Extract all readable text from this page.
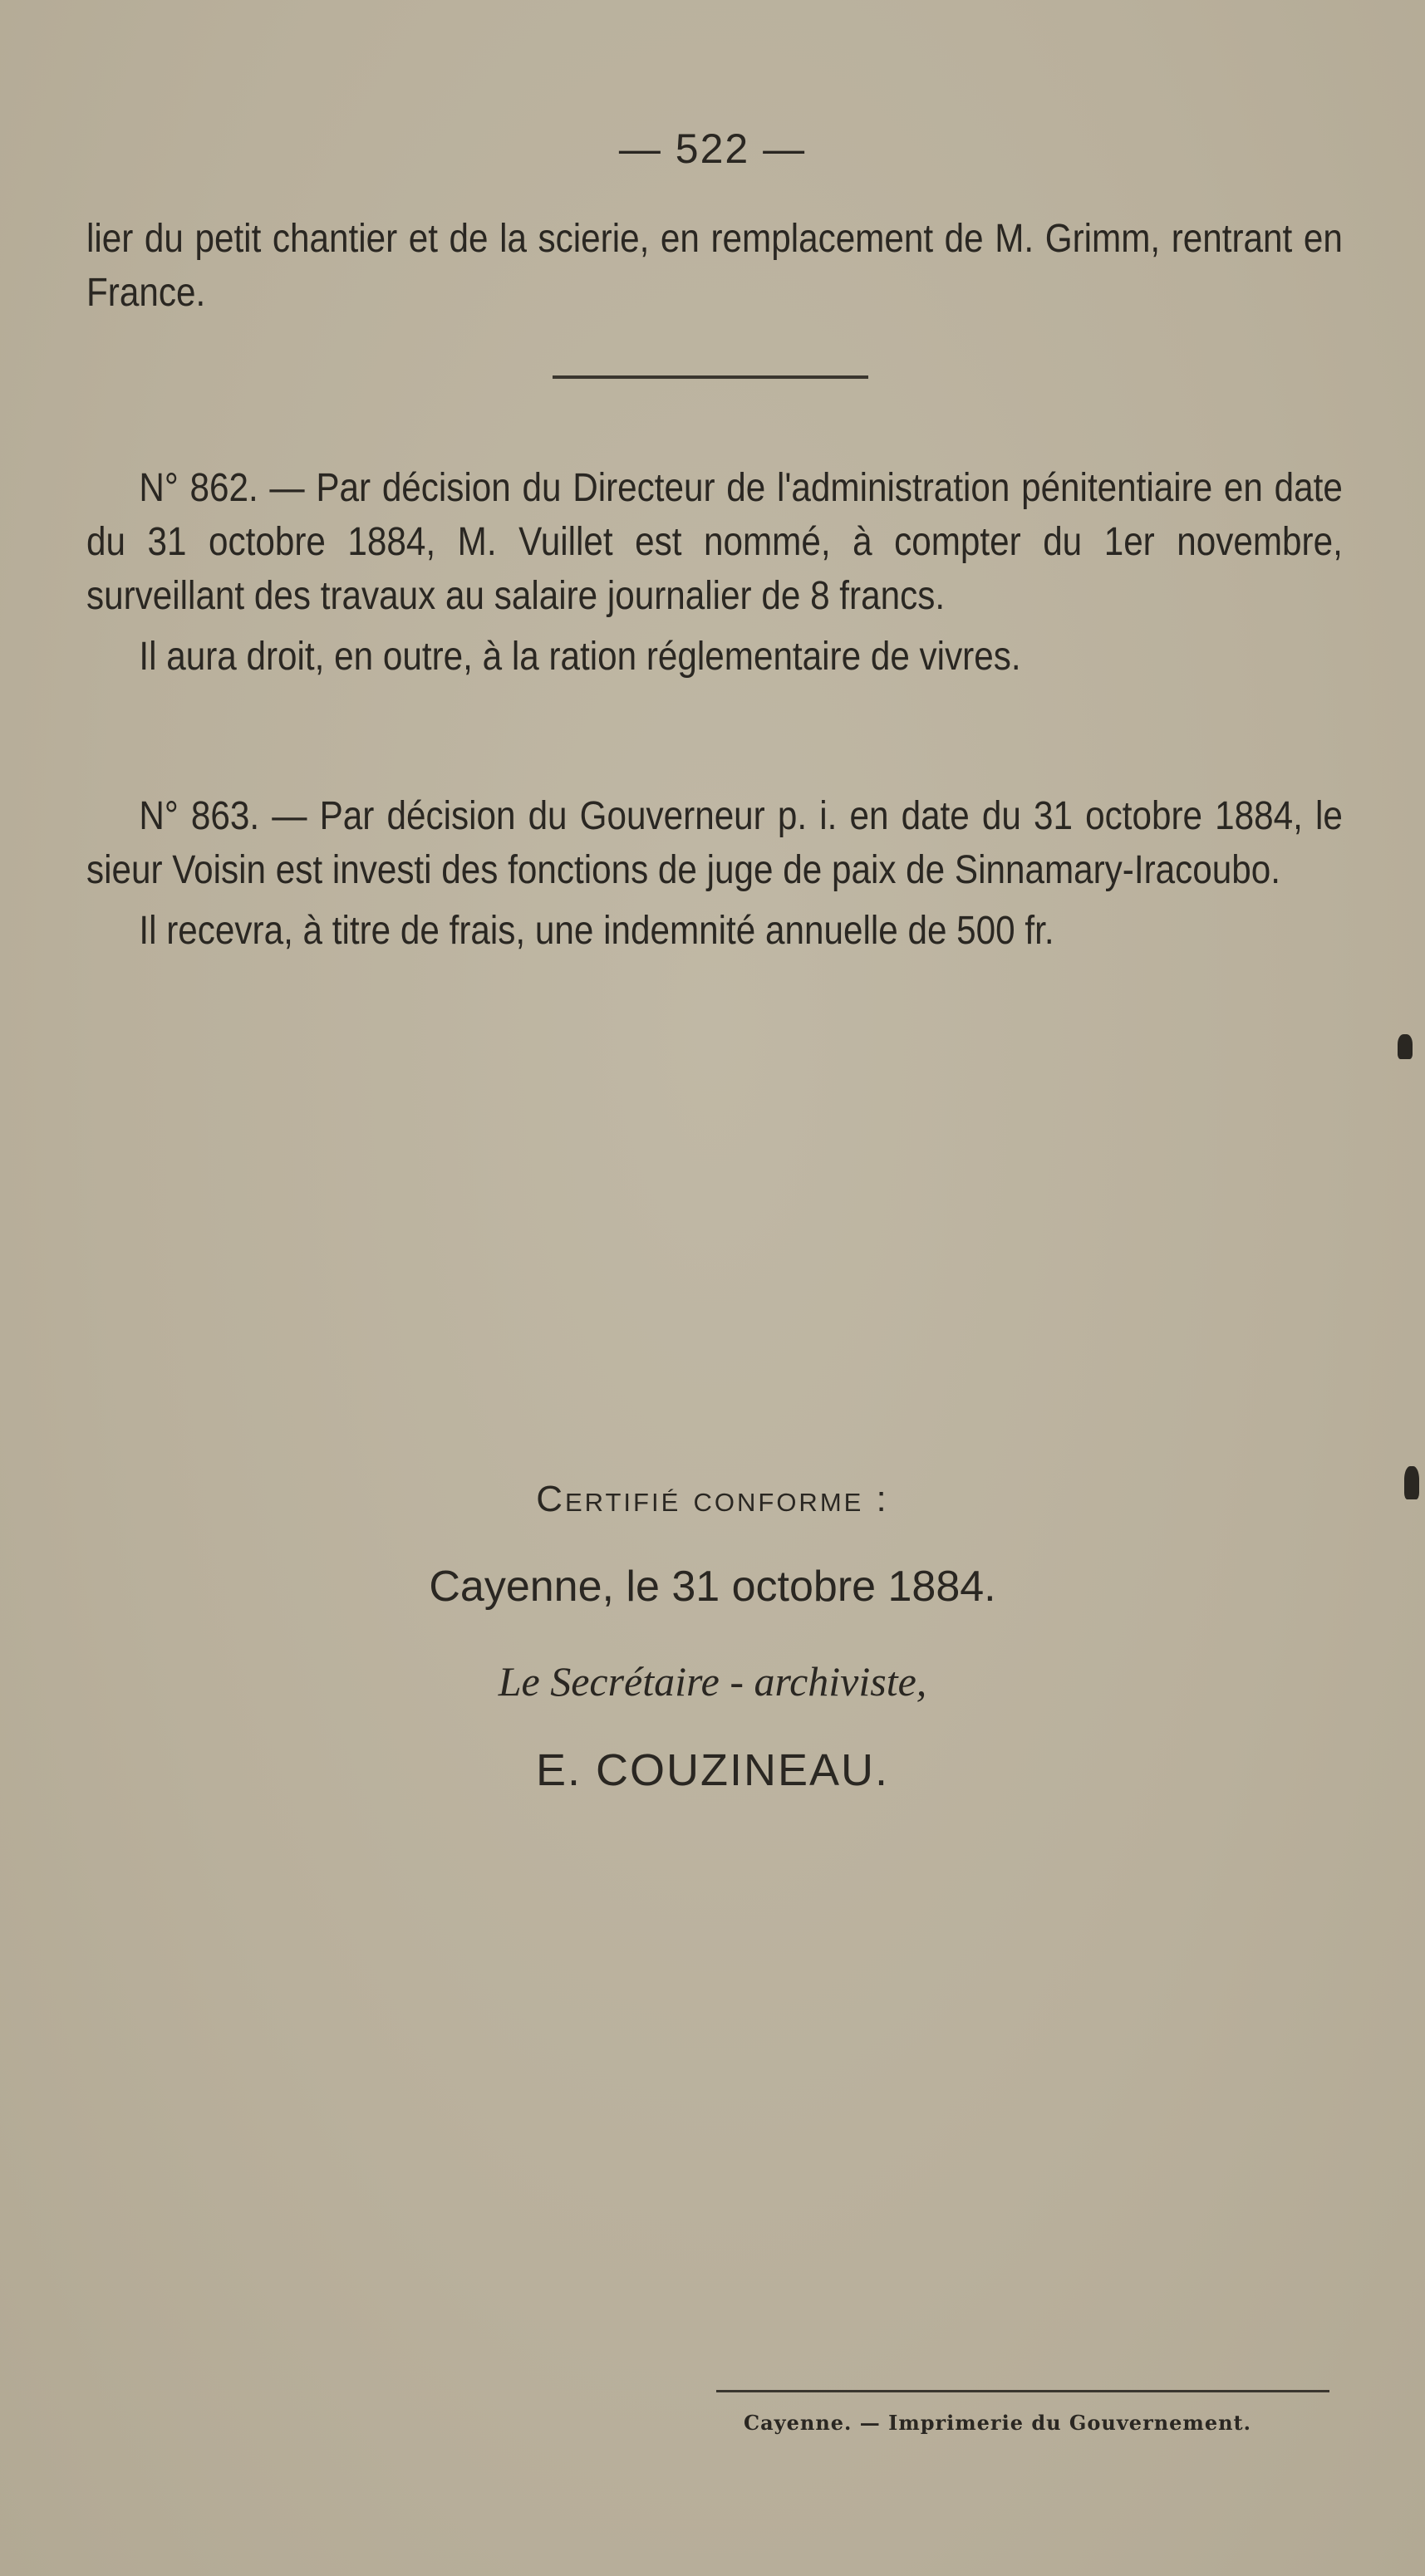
— 522 —

lier du petit chantier et de la scierie, en remplacement de M. Grimm, rentrant en France.

N° 862. — Par décision du Directeur de l'administration pénitentiaire en date du 31 octobre 1884, M. Vuillet est nommé, à compter du 1er novembre, surveillant des travaux au salaire journalier de 8 francs.

Il aura droit, en outre, à la ration réglementaire de vivres.

N° 863. — Par décision du Gouverneur p. i. en date du 31 octobre 1884, le sieur Voisin est investi des fonctions de juge de paix de Sinnamary-Iracoubo.

Il recevra, à titre de frais, une indemnité annuelle de 500 fr.

Certifié conforme :
Cayenne, le 31 octobre 1884.
Le Secrétaire - archiviste,
E. COUZINEAU.
Cayenne. — Imprimerie du Gouvernement.
